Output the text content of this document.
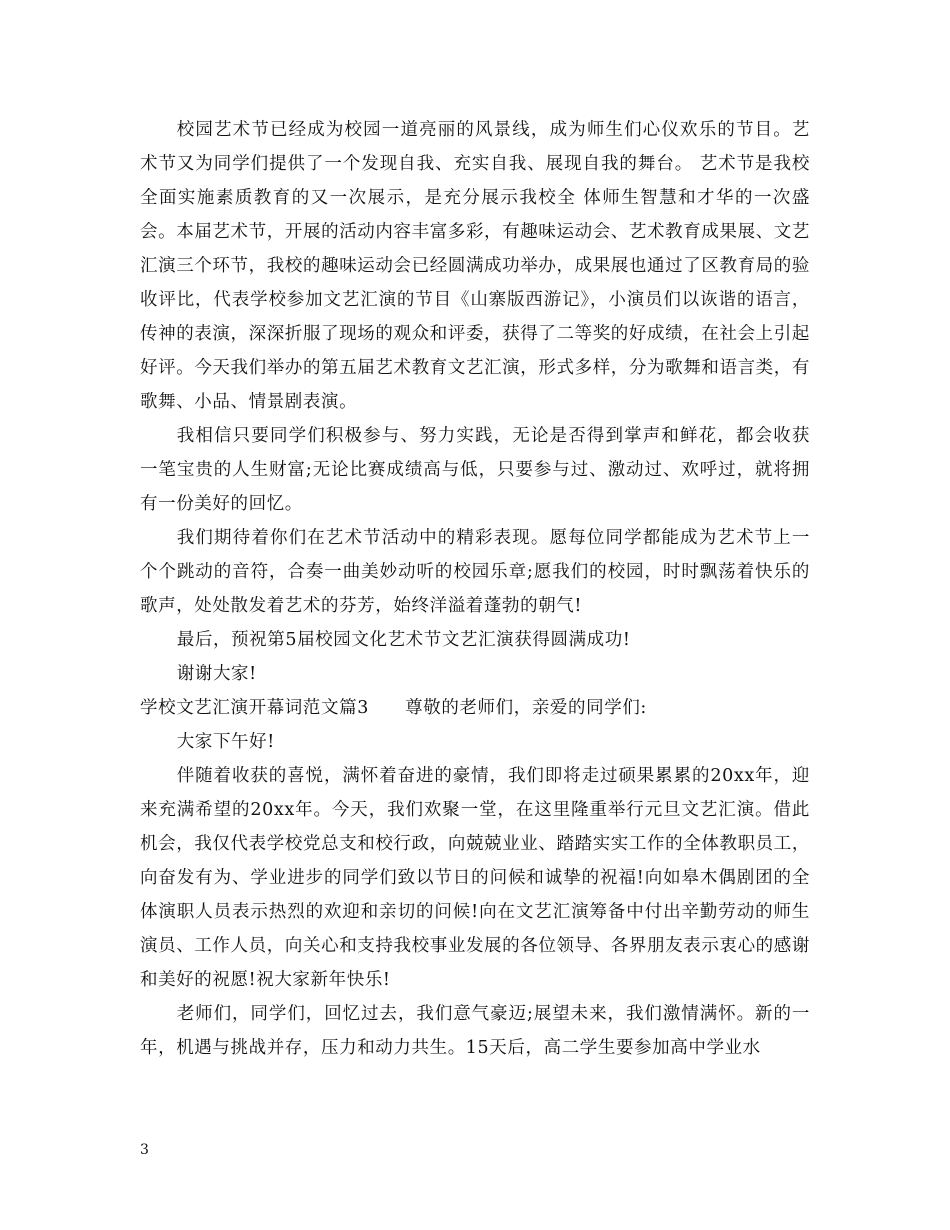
校园艺术节已经成为校园一道亮丽的风景线，成为师生们心仪欢乐的节目。艺术节又为同学们提供了一个发现自我、充实自我、展现自我的舞台。 艺术节是我校全面实施素质教育的又一次展示，是充分展示我校全 体师生智慧和才华的一次盛会。本届艺术节，开展的活动内容丰富多彩，有趣味运动会、艺术教育成果展、文艺汇演三个环节，我校的趣味运动会已经圆满成功举办，成果展也通过了区教育局的验收评比，代表学校参加文艺汇演的节目《山寨版西游记》，小演员们以诙谐的语言，传神的表演，深深折服了现场的观众和评委，获得了二等奖的好成绩，在社会上引起好评。今天我们举办的第五届艺术教育文艺汇演，形式多样，分为歌舞和语言类，有歌舞、小品、情景剧表演。

我相信只要同学们积极参与、努力实践，无论是否得到掌声和鲜花，都会收获一笔宝贵的人生财富;无论比赛成绩高与低，只要参与过、激动过、欢呼过，就将拥有一份美好的回忆。

我们期待着你们在艺术节活动中的精彩表现。愿每位同学都能成为艺术节上一个个跳动的音符，合奏一曲美妙动听的校园乐章;愿我们的校园，时时飘荡着快乐的歌声，处处散发着艺术的芬芳，始终洋溢着蓬勃的朝气!

最后，预祝第5届校园文化艺术节文艺汇演获得圆满成功!

谢谢大家!

学校文艺汇演开幕词范文篇3　　尊敬的老师们，亲爱的同学们:

大家下午好!

伴随着收获的喜悦，满怀着奋进的豪情，我们即将走过硕果累累的20xx年，迎来充满希望的20xx年。今天，我们欢聚一堂，在这里隆重举行元旦文艺汇演。借此机会，我仅代表学校党总支和校行政，向兢兢业业、踏踏实实工作的全体教职员工，向奋发有为、学业进步的同学们致以节日的问候和诚挚的祝福!向如皋木偶剧团的全体演职人员表示热烈的欢迎和亲切的问候!向在文艺汇演筹备中付出辛勤劳动的师生演员、工作人员，向关心和支持我校事业发展的各位领导、各界朋友表示衷心的感谢和美好的祝愿!祝大家新年快乐!

老师们，同学们，回忆过去，我们意气豪迈;展望未来，我们激情满怀。新的一年，机遇与挑战并存，压力和动力共生。15天后，高二学生要参加高中学业水

3
